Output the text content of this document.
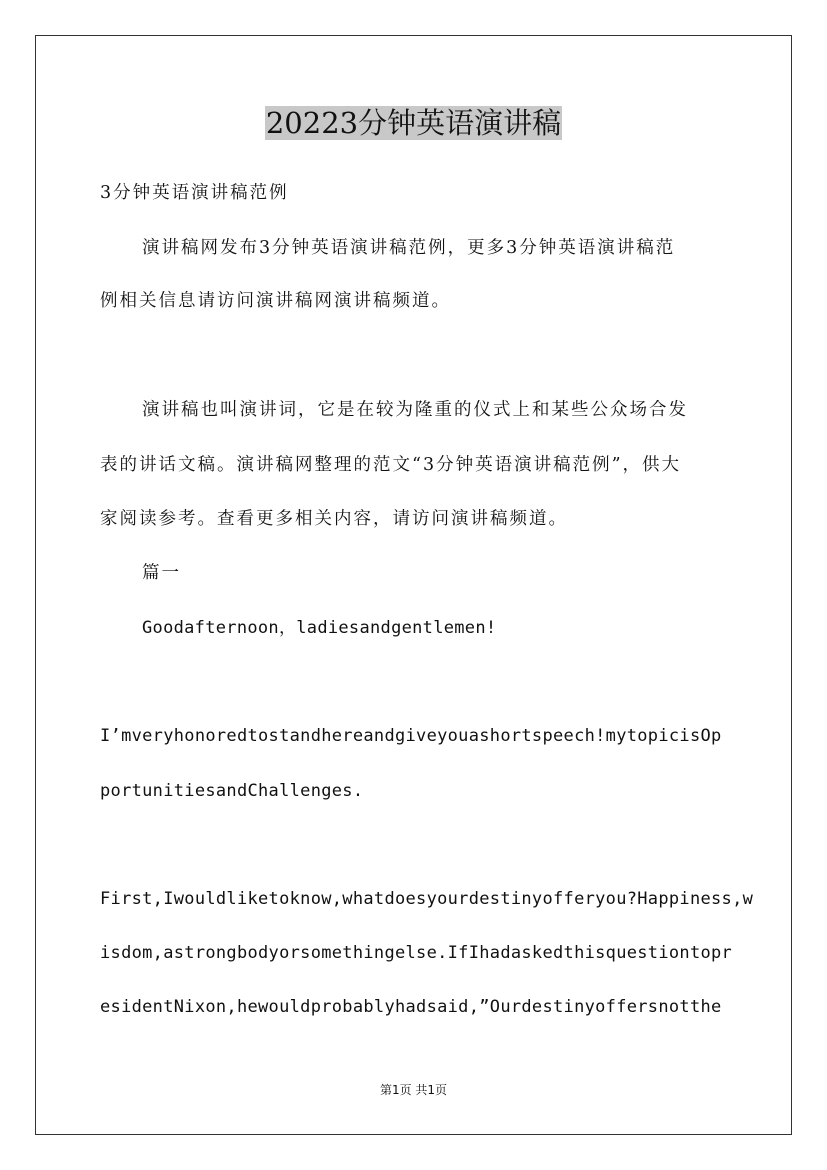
20223分钟英语演讲稿

3分钟英语演讲稿范例

演讲稿网发布3分钟英语演讲稿范例，更多3分钟英语演讲稿范

例相关信息请访问演讲稿网演讲稿频道。

演讲稿也叫演讲词，它是在较为隆重的仪式上和某些公众场合发

表的讲话文稿。演讲稿网整理的范文“3分钟英语演讲稿范例”，供大

家阅读参考。查看更多相关内容，请访问演讲稿频道。

篇一

Goodafternoon，ladiesandgentlemen!

I’mveryhonoredtostandhereandgiveyouashortspeech!mytopicisOp

portunitiesandChallenges.

First,Iwouldliketoknow,whatdoesyourdestinyofferyou?Happiness,w

isdom,astrongbodyorsomethingelse.IfIhadaskedthisquestiontopr

esidentNixon,hewouldprobablyhadsaid,”Ourdestinyoffersnotthe

第1页 共1页
